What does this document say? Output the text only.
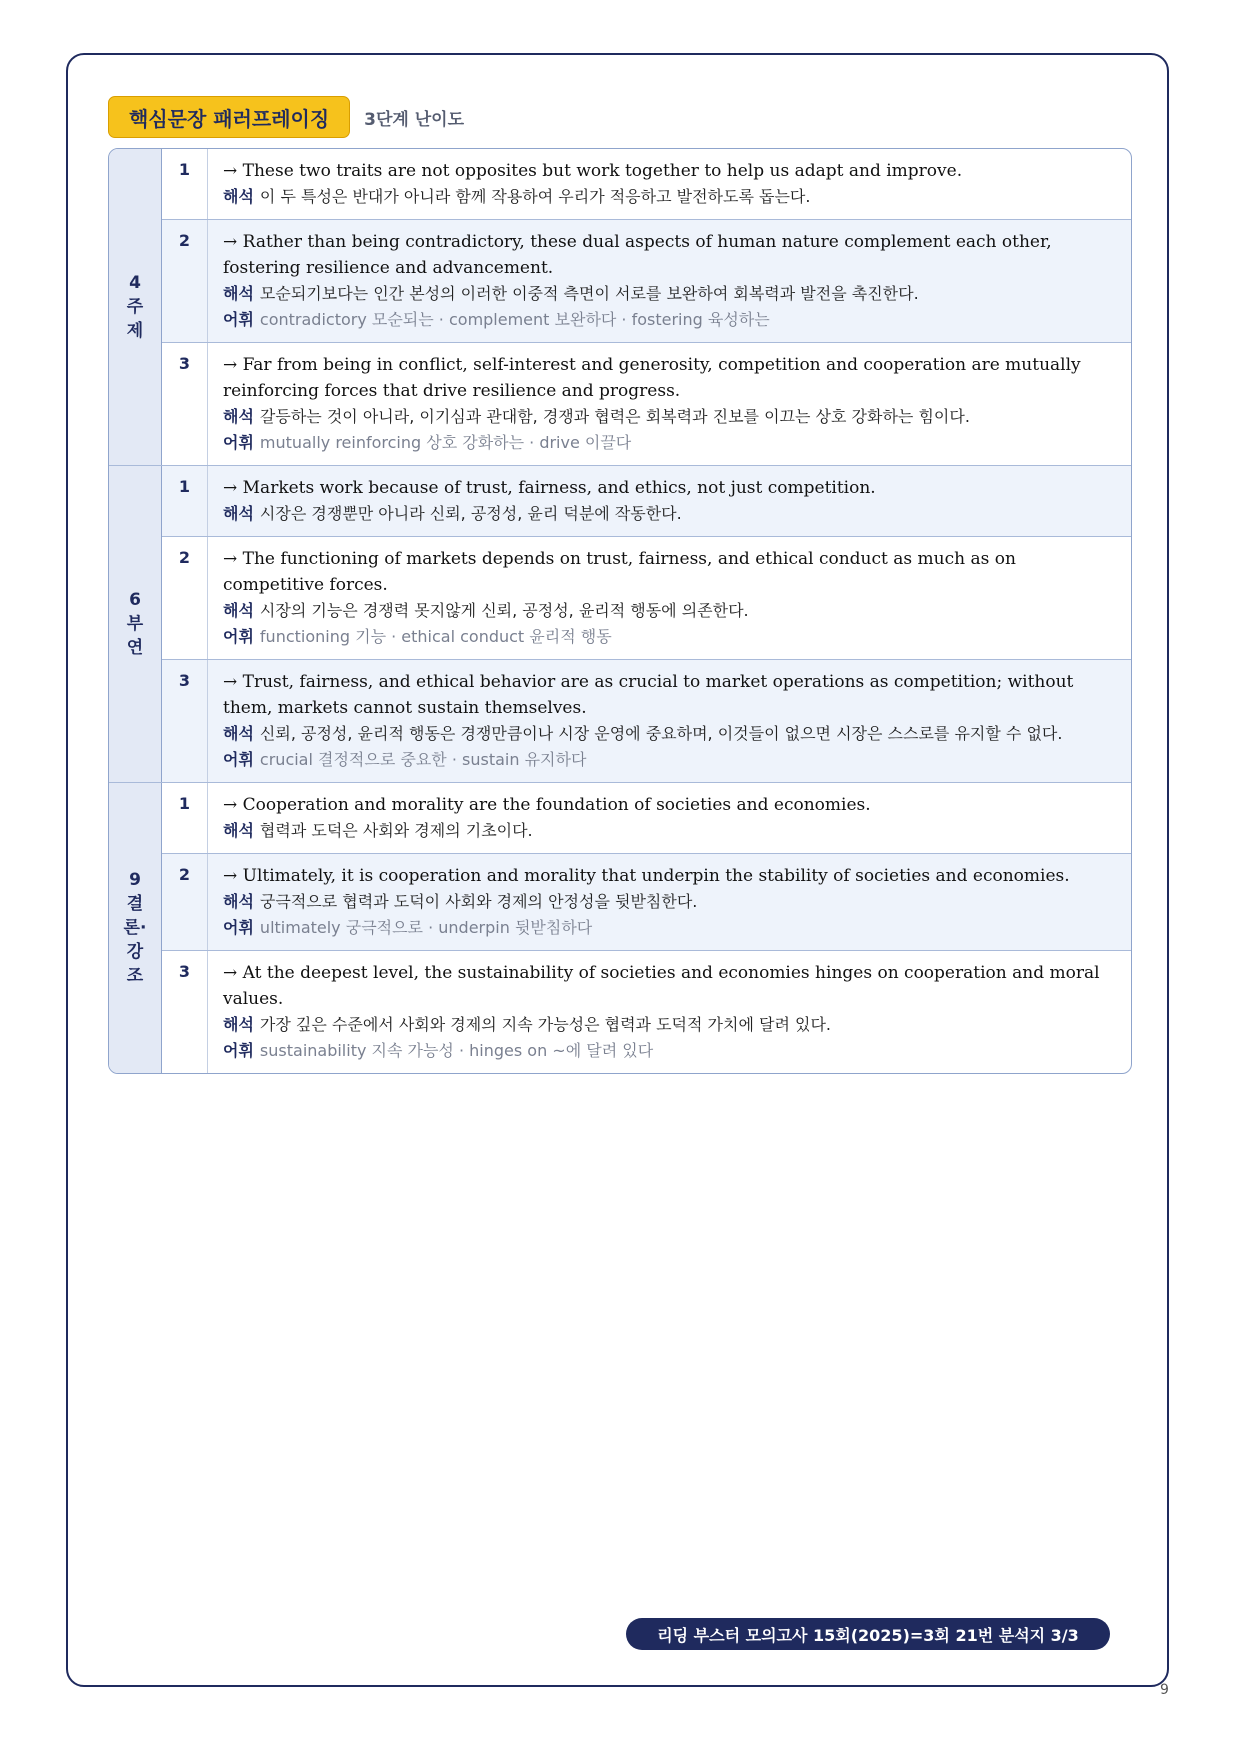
핵심문장 패러프레이징	3단계 난이도
4주제
1	→ These two traits are not opposites but work together to help us adapt and improve.
해석 이 두 특성은 반대가 아니라 함께 작용하여 우리가 적응하고 발전하도록 돕는다.
2	→ Rather than being contradictory, these dual aspects of human nature complement each other, fostering resilience and advancement.
해석 모순되기보다는 인간 본성의 이러한 이중적 측면이 서로를 보완하여 회복력과 발전을 촉진한다.
어휘 contradictory 모순되는 · complement 보완하다 · fostering 육성하는
3	→ Far from being in conflict, self-interest and generosity, competition and cooperation are mutually reinforcing forces that drive resilience and progress.
해석 갈등하는 것이 아니라, 이기심과 관대함, 경쟁과 협력은 회복력과 진보를 이끄는 상호 강화하는 힘이다.
어휘 mutually reinforcing 상호 강화하는 · drive 이끌다
6부연
1	→ Markets work because of trust, fairness, and ethics, not just competition.
해석 시장은 경쟁뿐만 아니라 신뢰, 공정성, 윤리 덕분에 작동한다.
2	→ The functioning of markets depends on trust, fairness, and ethical conduct as much as on competitive forces.
해석 시장의 기능은 경쟁력 못지않게 신뢰, 공정성, 윤리적 행동에 의존한다.
어휘 functioning 기능 · ethical conduct 윤리적 행동
3	→ Trust, fairness, and ethical behavior are as crucial to market operations as competition; without them, markets cannot sustain themselves.
해석 신뢰, 공정성, 윤리적 행동은 경쟁만큼이나 시장 운영에 중요하며, 이것들이 없으면 시장은 스스로를 유지할 수 없다.
어휘 crucial 결정적으로 중요한 · sustain 유지하다
9결론·강조
1	→ Cooperation and morality are the foundation of societies and economies.
해석 협력과 도덕은 사회와 경제의 기초이다.
2	→ Ultimately, it is cooperation and morality that underpin the stability of societies and economies.
해석 궁극적으로 협력과 도덕이 사회와 경제의 안정성을 뒷받침한다.
어휘 ultimately 궁극적으로 · underpin 뒷받침하다
3	→ At the deepest level, the sustainability of societies and economies hinges on cooperation and moral values.
해석 가장 깊은 수준에서 사회와 경제의 지속 가능성은 협력과 도덕적 가치에 달려 있다.
어휘 sustainability 지속 가능성 · hinges on ~에 달려 있다
리딩 부스터 모의고사 15회(2025)=3회 21번 분석지 3/3
9
